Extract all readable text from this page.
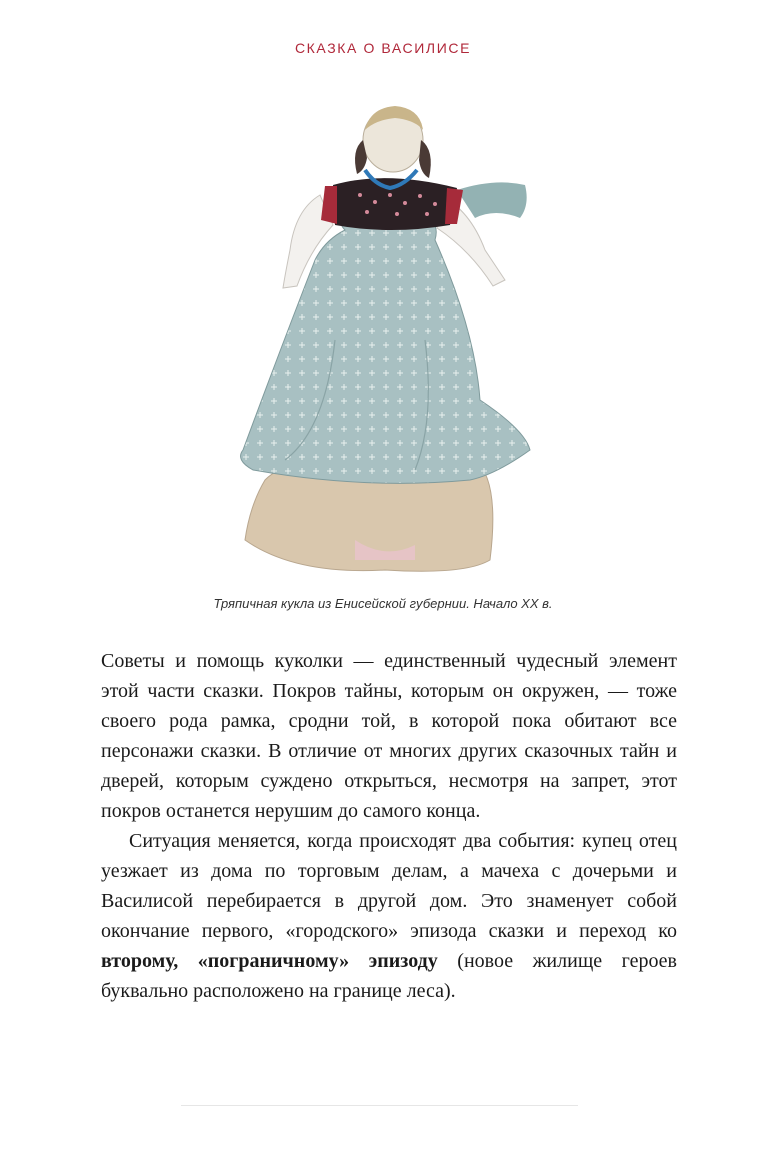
СКАЗКА О ВАСИЛИСЕ
Тряпичная кукла из Енисейской губернии. Начало XX в.

Советы и помощь куколки — единственный чудесный элемент этой части сказки. Покров тайны, которым он окружен, — тоже своего рода рамка, сродни той, в которой пока обитают все персонажи сказки. В отличие от многих других сказочных тайн и дверей, которым суждено открыться, несмотря на запрет, этот покров останется нерушим до самого конца.

Ситуация меняется, когда происходят два события: купец отец уезжает из дома по торговым делам, а мачеха с дочерьми и Василисой перебирается в другой дом. Это знаменует собой окончание первого, «городского» эпизода сказки и переход ко второму, «пограничному» эпизоду (новое жилище героев буквально расположено на границе леса).
